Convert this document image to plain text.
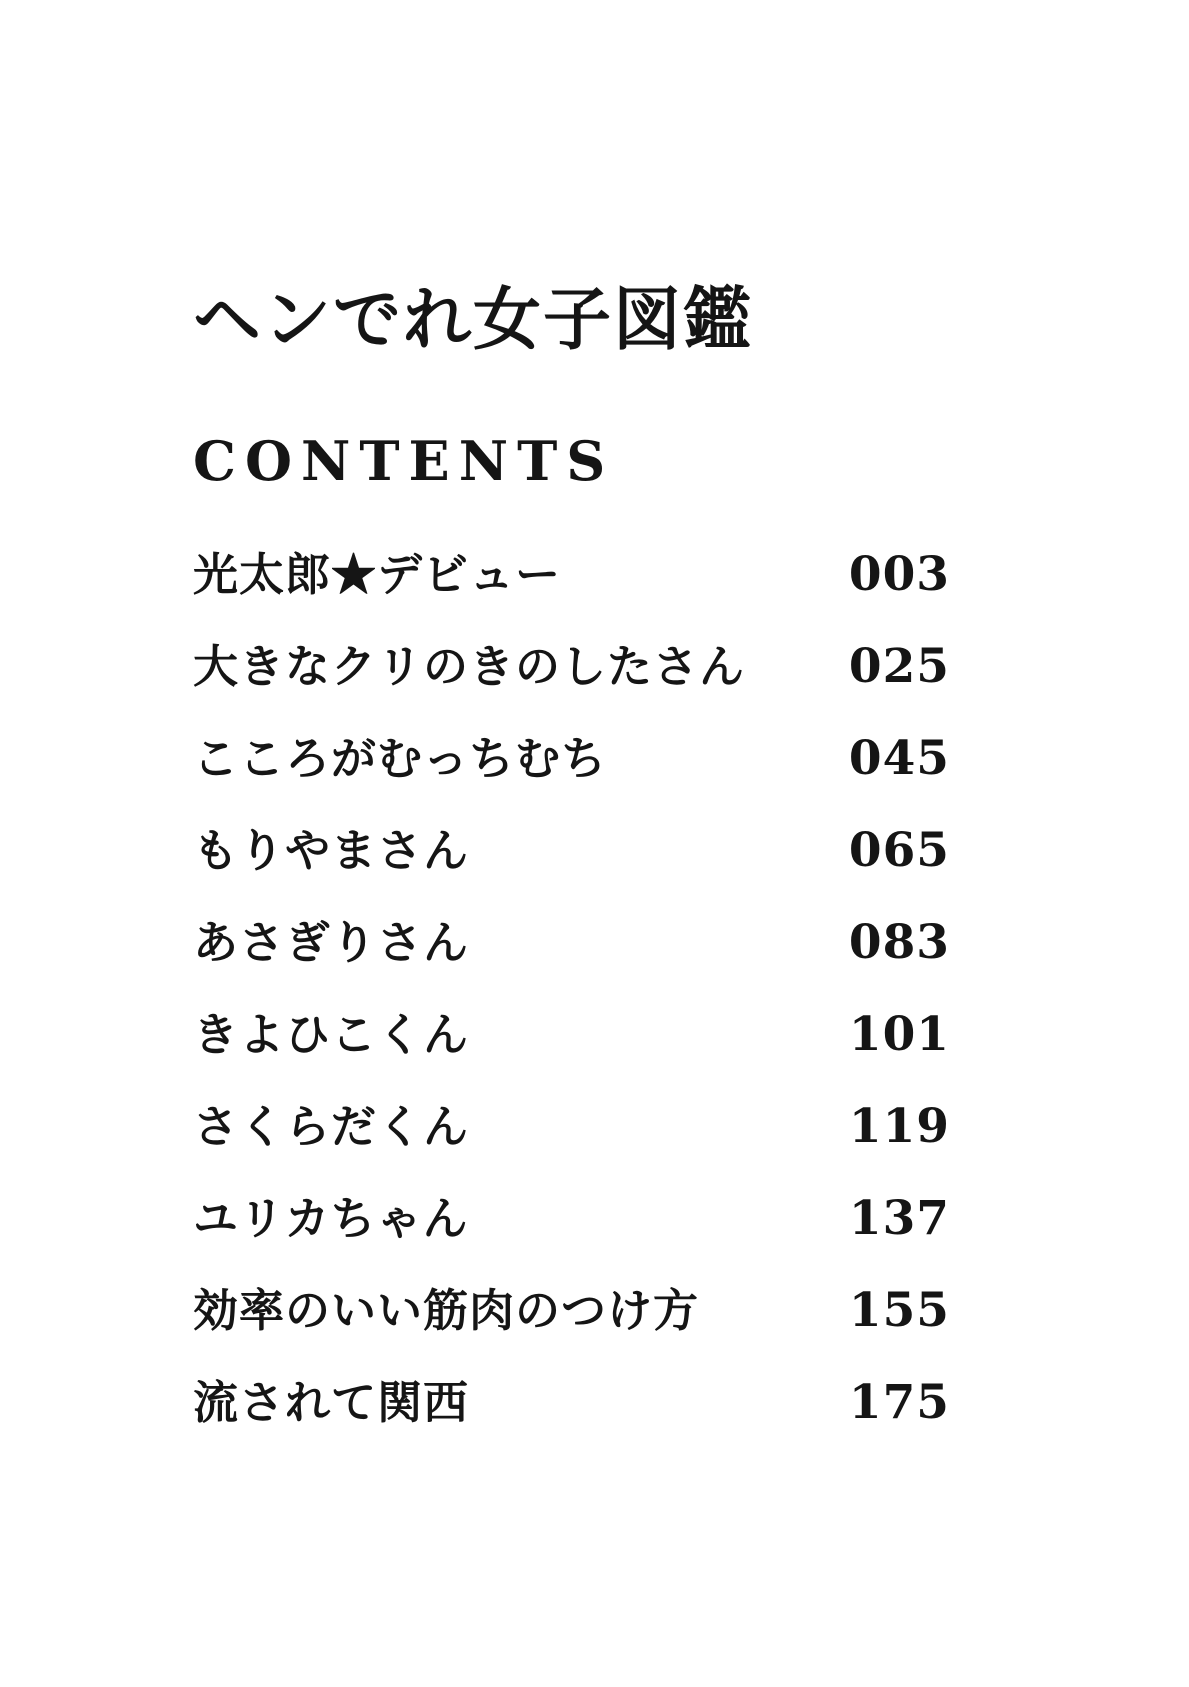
ヘンでれ女子図鑑
CONTENTS
光太郎★デビュー	003
大きなクリのきのしたさん 025
こころがむっちむち	045
もりやまさん	065
あさぎりさん	083
きよひこくん	101
さくらだくん	119
ユリカちゃん	137
効率のいい筋肉のつけ方	155
流されて関西	175
